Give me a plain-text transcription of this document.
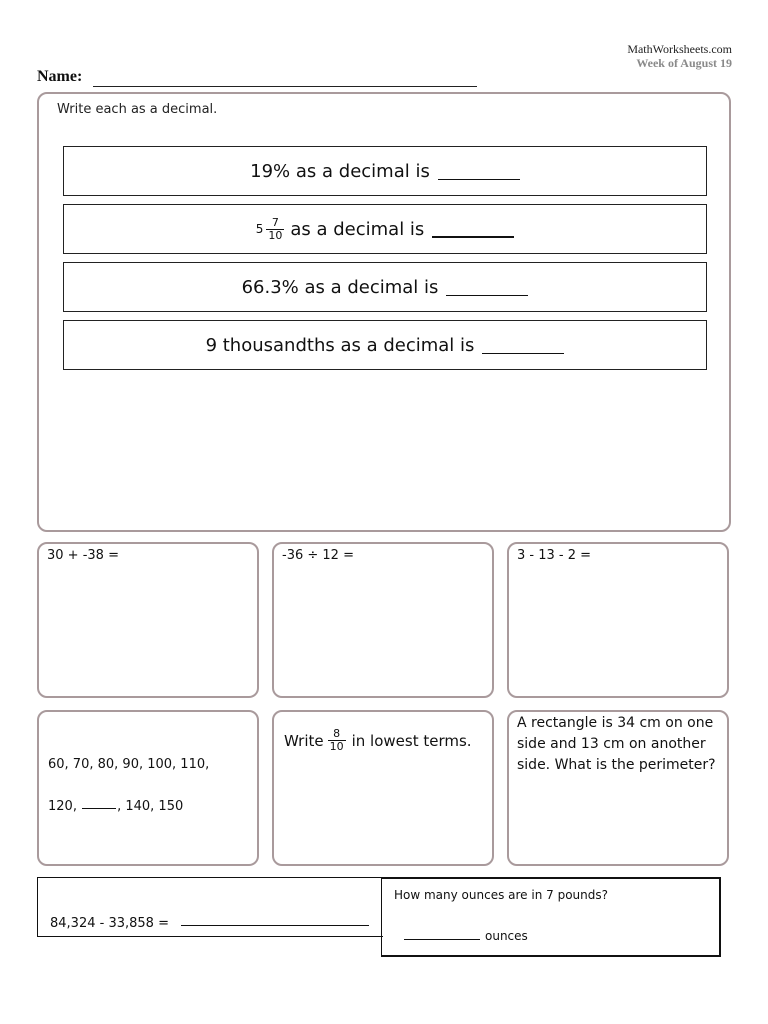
MathWorksheets.com
Week of August 19
Name:
Write each as a decimal.
19% as a decimal is
$5 \frac{7}{10}$ as a decimal is
66.3% as a decimal is
9 thousandths as a decimal is
30 + -38 =	-36 ÷ 12 =	3 - 13 - 2 =
60, 70, 80, 90, 100, 110,
120,	, 140, 150
Write $\frac{8}{10}$ in lowest terms.
A rectangle is 34 cm on one side and 13 cm on another side. What is the perimeter?
84,324 - 33,858 =
How many ounces are in 7 pounds?
ounces
